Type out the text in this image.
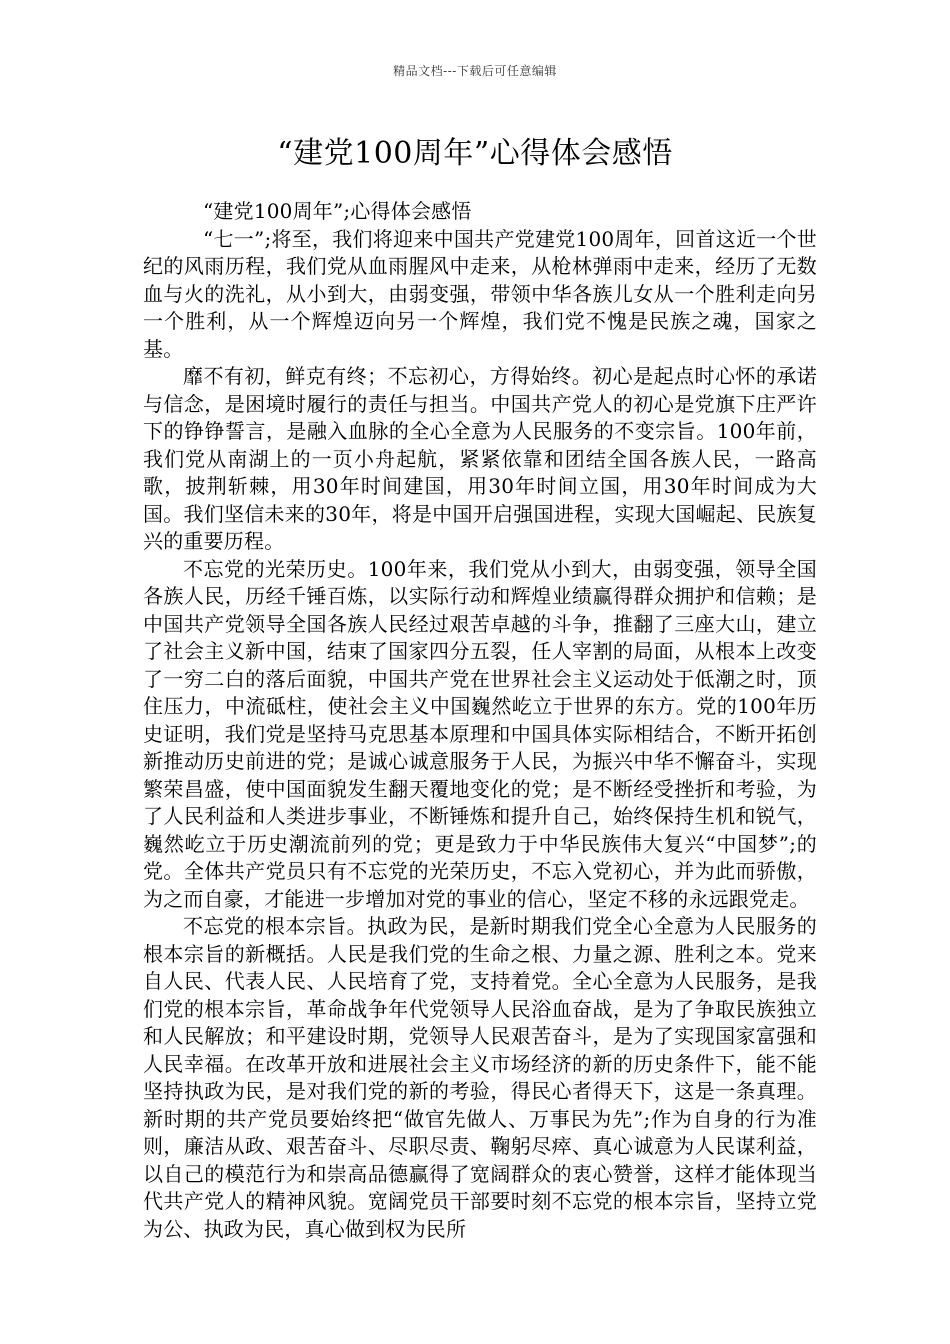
精品文档---下载后可任意编辑
“建党100周年”心得体会感悟

“建党100周年”;心得体会感悟

“七一”;将至，我们将迎来中国共产党建党100周年，回首这近一个世纪的风雨历程，我们党从血雨腥风中走来，从枪林弹雨中走来，经历了无数血与火的洗礼，从小到大，由弱变强，带领中华各族儿女从一个胜利走向另一个胜利，从一个辉煌迈向另一个辉煌，我们党不愧是民族之魂，国家之基。

靡不有初，鲜克有终；不忘初心，方得始终。初心是起点时心怀的承诺与信念，是困境时履行的责任与担当。中国共产党人的初心是党旗下庄严许下的铮铮誓言，是融入血脉的全心全意为人民服务的不变宗旨。100年前，我们党从南湖上的一页小舟起航，紧紧依靠和团结全国各族人民，一路高歌，披荆斩棘，用30年时间建国，用30年时间立国，用30年时间成为大国。我们坚信未来的30年，将是中国开启强国进程，实现大国崛起、民族复兴的重要历程。

不忘党的光荣历史。100年来，我们党从小到大，由弱变强，领导全国各族人民，历经千锤百炼，以实际行动和辉煌业绩赢得群众拥护和信赖；是中国共产党领导全国各族人民经过艰苦卓越的斗争，推翻了三座大山，建立了社会主义新中国，结束了国家四分五裂，任人宰割的局面，从根本上改变了一穷二白的落后面貌，中国共产党在世界社会主义运动处于低潮之时，顶住压力，中流砥柱，使社会主义中国巍然屹立于世界的东方。党的100年历史证明，我们党是坚持马克思基本原理和中国具体实际相结合，不断开拓创新推动历史前进的党；是诚心诚意服务于人民，为振兴中华不懈奋斗，实现繁荣昌盛，使中国面貌发生翻天覆地变化的党；是不断经受挫折和考验，为了人民利益和人类进步事业，不断锤炼和提升自己，始终保持生机和锐气，巍然屹立于历史潮流前列的党；更是致力于中华民族伟大复兴“中国梦”;的党。全体共产党员只有不忘党的光荣历史，不忘入党初心，并为此而骄傲，为之而自豪，才能进一步增加对党的事业的信心，坚定不移的永远跟党走。

不忘党的根本宗旨。执政为民，是新时期我们党全心全意为人民服务的根本宗旨的新概括。人民是我们党的生命之根、力量之源、胜利之本。党来自人民、代表人民、人民培育了党，支持着党。全心全意为人民服务，是我们党的根本宗旨，革命战争年代党领导人民浴血奋战，是为了争取民族独立和人民解放；和平建设时期，党领导人民艰苦奋斗，是为了实现国家富强和人民幸福。在改革开放和进展社会主义市场经济的新的历史条件下，能不能坚持执政为民，是对我们党的新的考验，得民心者得天下，这是一条真理。新时期的共产党员要始终把“做官先做人、万事民为先”;作为自身的行为准则，廉洁从政、艰苦奋斗、尽职尽责、鞠躬尽瘁、真心诚意为人民谋利益，以自己的模范行为和崇高品德赢得了宽阔群众的衷心赞誉，这样才能体现当代共产党人的精神风貌。宽阔党员干部要时刻不忘党的根本宗旨，坚持立党为公、执政为民，真心做到权为民所
